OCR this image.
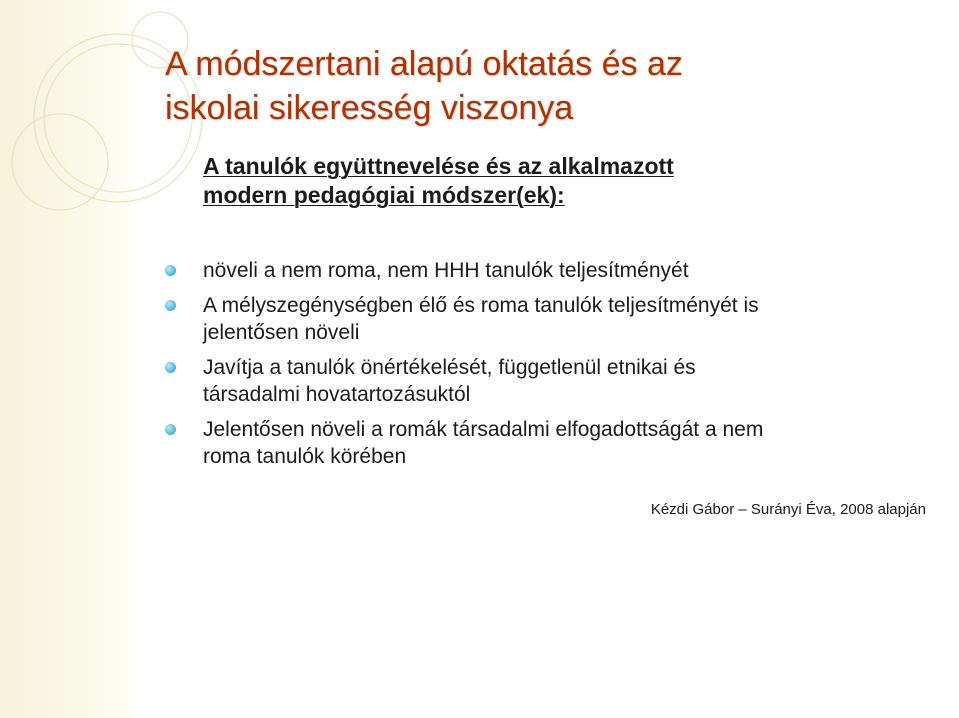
A módszertani alapú oktatás és az
iskolai sikeresség viszonya
A tanulók együttnevelése és az alkalmazott
modern pedagógiai módszer(ek):
növeli a nem roma, nem HHH tanulók teljesítményét
A mélyszegénységben élő és roma tanulók teljesítményét is
jelentősen növeli
Javítja a tanulók önértékelését, függetlenül etnikai és
társadalmi hovatartozásuktól
Jelentősen növeli a romák társadalmi elfogadottságát a nem
roma tanulók körében
Kézdi Gábor – Surányi Éva, 2008 alapján
